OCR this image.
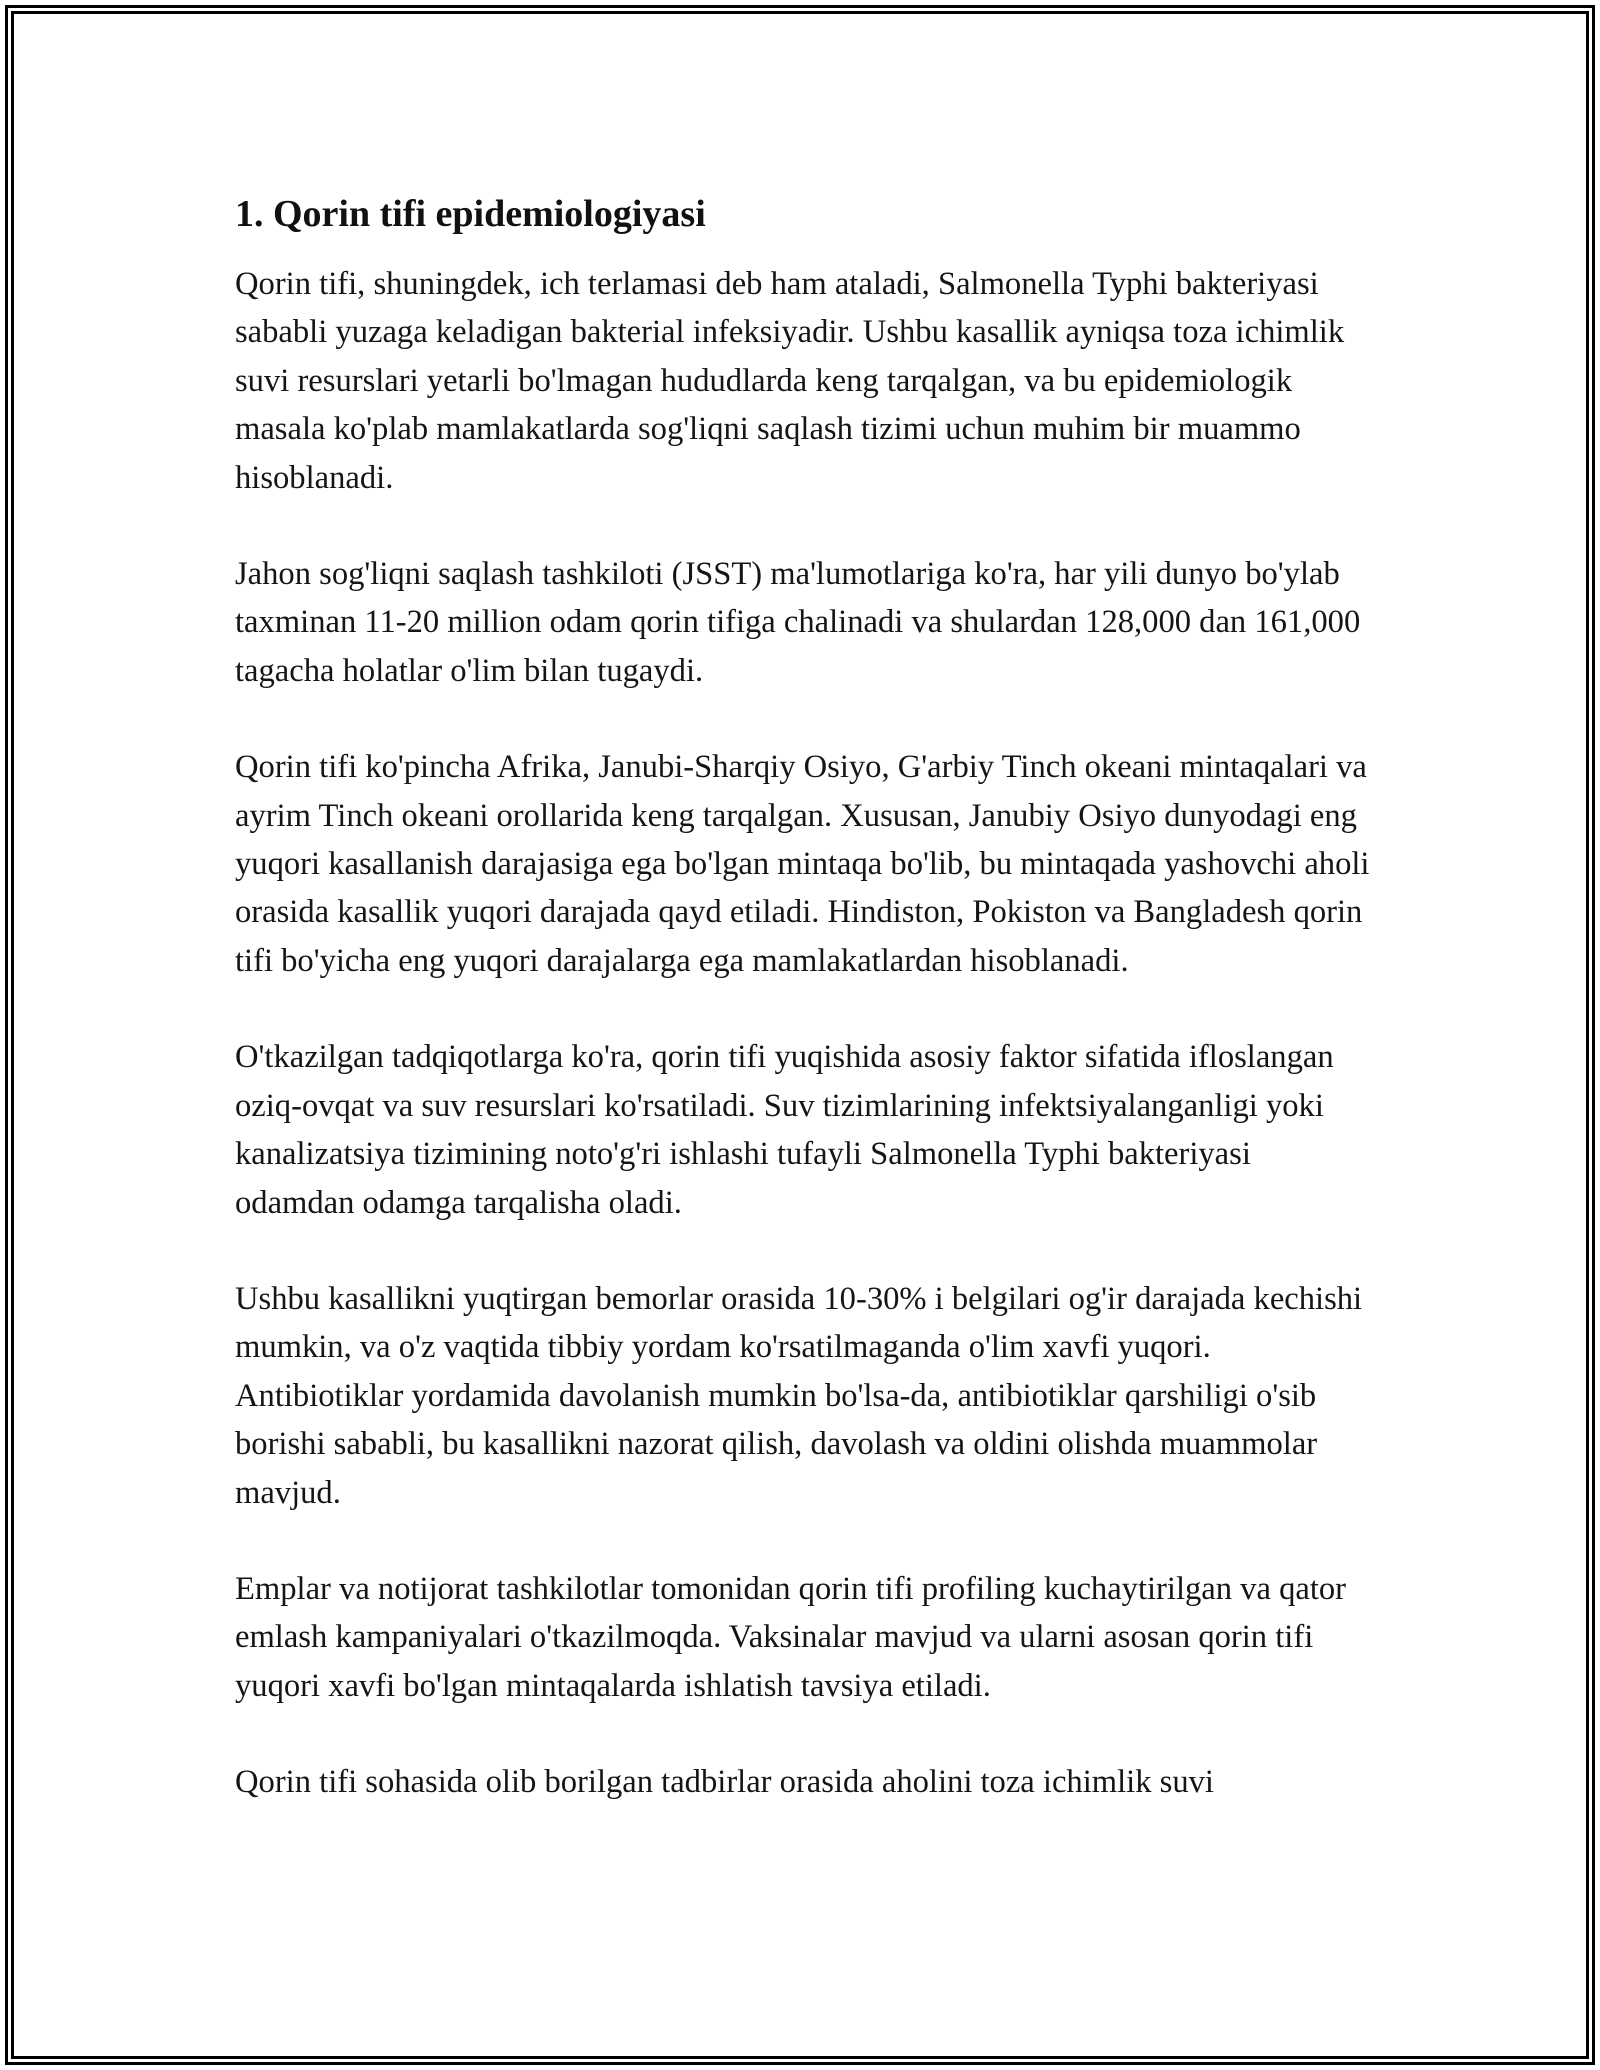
1. Qorin tifi epidemiologiyasi

Qorin tifi, shuningdek, ich terlamasi deb ham ataladi, Salmonella Typhi bakteriyasi sababli yuzaga keladigan bakterial infeksiyadir. Ushbu kasallik ayniqsa toza ichimlik suvi resurslari yetarli bo'lmagan hududlarda keng tarqalgan, va bu epidemiologik masala ko'plab mamlakatlarda sog'liqni saqlash tizimi uchun muhim bir muammo hisoblanadi.

Jahon sog'liqni saqlash tashkiloti (JSST) ma'lumotlariga ko'ra, har yili dunyo bo'ylab taxminan 11-20 million odam qorin tifiga chalinadi va shulardan 128,000 dan 161,000 tagacha holatlar o'lim bilan tugaydi.

Qorin tifi ko'pincha Afrika, Janubi-Sharqiy Osiyo, G'arbiy Tinch okeani mintaqalari va ayrim Tinch okeani orollarida keng tarqalgan. Xususan, Janubiy Osiyo dunyodagi eng yuqori kasallanish darajasiga ega bo'lgan mintaqa bo'lib, bu mintaqada yashovchi aholi orasida kasallik yuqori darajada qayd etiladi. Hindiston, Pokiston va Bangladesh qorin tifi bo'yicha eng yuqori darajalarga ega mamlakatlardan hisoblanadi.

O'tkazilgan tadqiqotlarga ko'ra, qorin tifi yuqishida asosiy faktor sifatida ifloslangan oziq-ovqat va suv resurslari ko'rsatiladi. Suv tizimlarining infektsiyalanganligi yoki kanalizatsiya tizimining noto'g'ri ishlashi tufayli Salmonella Typhi bakteriyasi odamdan odamga tarqalisha oladi.

Ushbu kasallikni yuqtirgan bemorlar orasida 10-30% i belgilari og'ir darajada kechishi mumkin, va o'z vaqtida tibbiy yordam ko'rsatilmaganda o'lim xavfi yuqori. Antibiotiklar yordamida davolanish mumkin bo'lsa-da, antibiotiklar qarshiligi o'sib borishi sababli, bu kasallikni nazorat qilish, davolash va oldini olishda muammolar mavjud.

Emplar va notijorat tashkilotlar tomonidan qorin tifi profiling kuchaytirilgan va qator emlash kampaniyalari o'tkazilmoqda. Vaksinalar mavjud va ularni asosan qorin tifi yuqori xavfi bo'lgan mintaqalarda ishlatish tavsiya etiladi.

Qorin tifi sohasida olib borilgan tadbirlar orasida aholini toza ichimlik suvi
